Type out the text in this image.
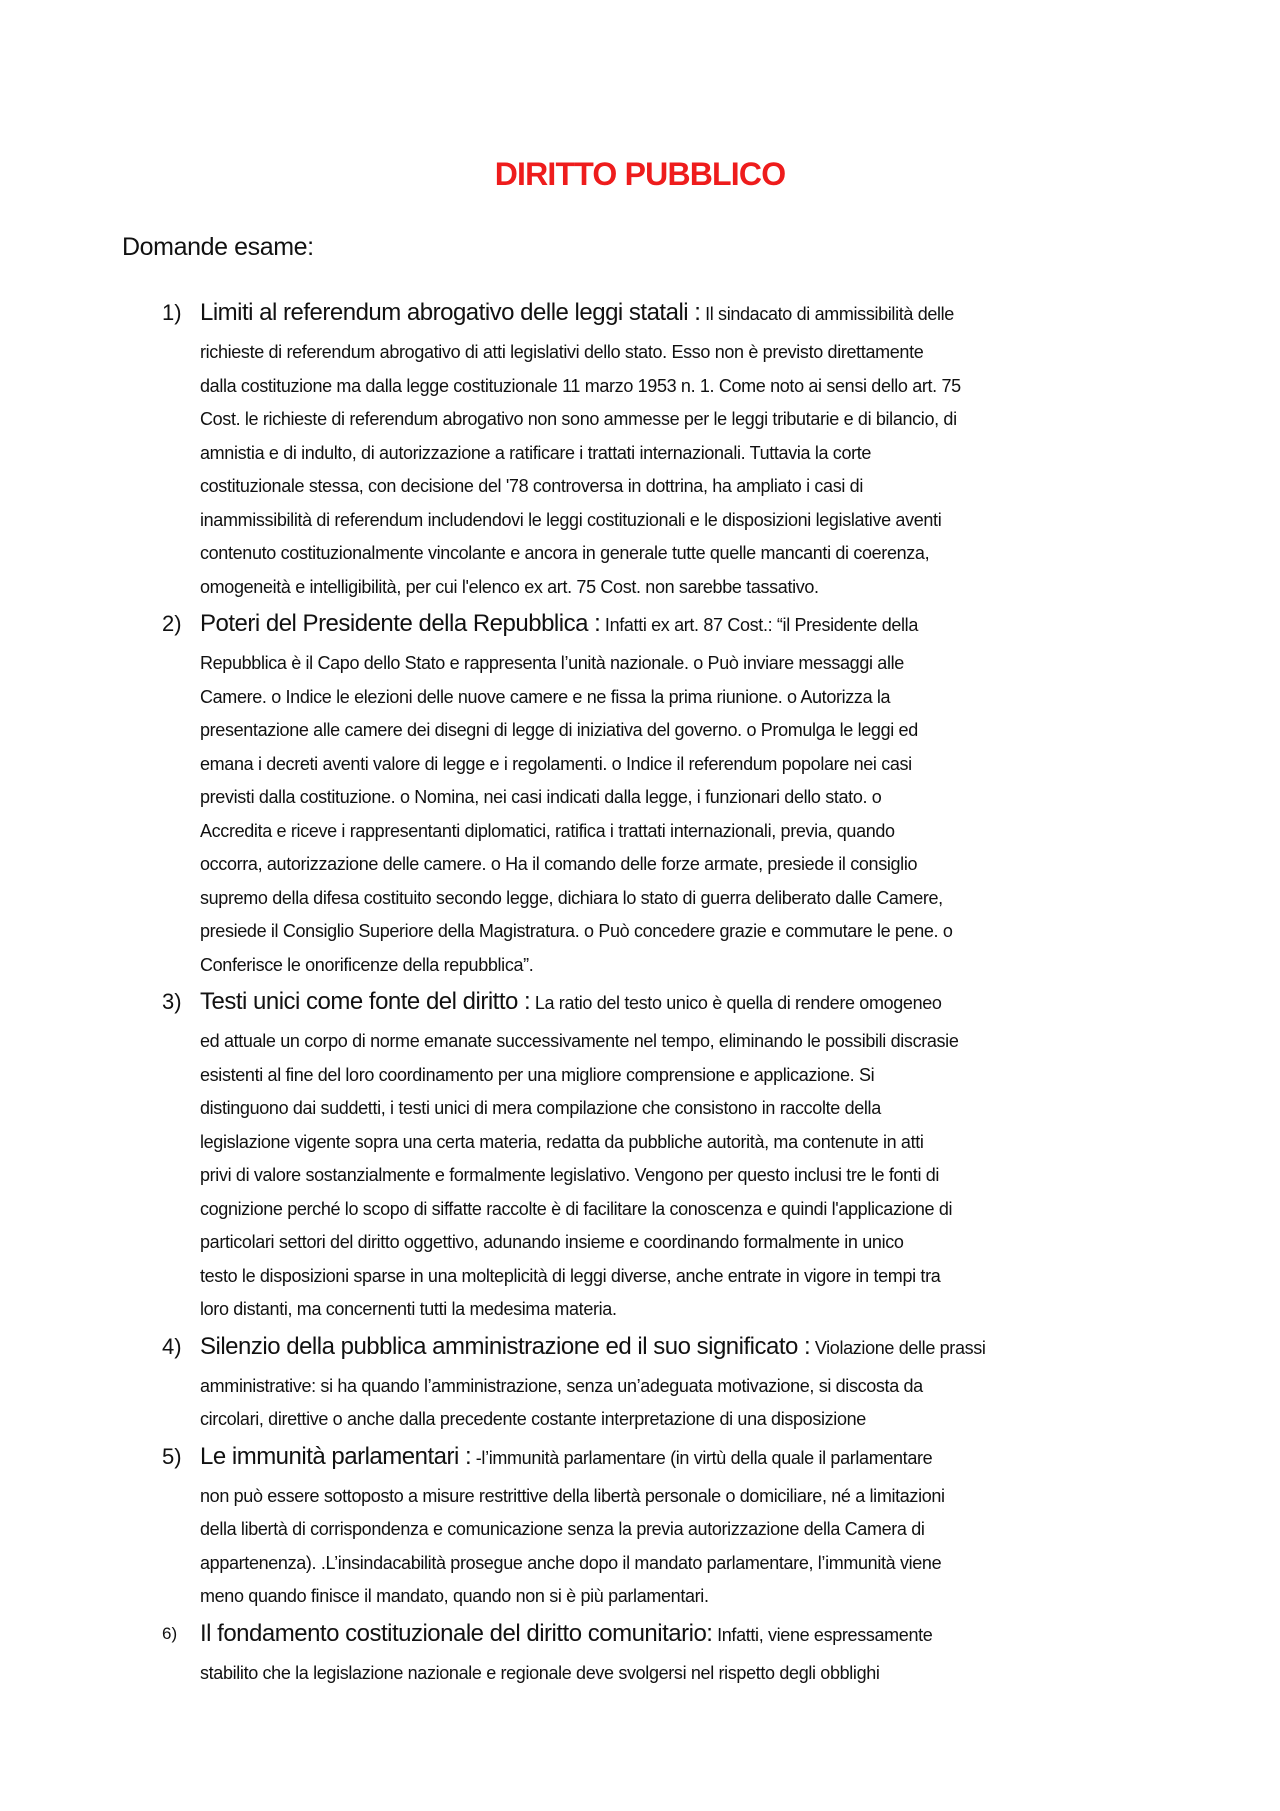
DIRITTO PUBBLICO
Domande esame:
1) Limiti al referendum abrogativo delle leggi statali : Il sindacato di ammissibilità delle
richieste di referendum abrogativo di atti legislativi dello stato. Esso non è previsto direttamente
dalla costituzione ma dalla legge costituzionale 11 marzo 1953 n. 1. Come noto ai sensi dello art. 75
Cost. le richieste di referendum abrogativo non sono ammesse per le leggi tributarie e di bilancio, di
amnistia e di indulto, di autorizzazione a ratificare i trattati internazionali. Tuttavia la corte
costituzionale stessa, con decisione del '78 controversa in dottrina, ha ampliato i casi di
inammissibilità di referendum includendovi le leggi costituzionali e le disposizioni legislative aventi
contenuto costituzionalmente vincolante e ancora in generale tutte quelle mancanti di coerenza,
omogeneità e intelligibilità, per cui l'elenco ex art. 75 Cost. non sarebbe tassativo.
2) Poteri del Presidente della Repubblica : Infatti ex art. 87 Cost.: “il Presidente della
Repubblica è il Capo dello Stato e rappresenta l’unità nazionale. o Può inviare messaggi alle
Camere. o Indice le elezioni delle nuove camere e ne fissa la prima riunione. o Autorizza la
presentazione alle camere dei disegni di legge di iniziativa del governo. o Promulga le leggi ed
emana i decreti aventi valore di legge e i regolamenti. o Indice il referendum popolare nei casi
previsti dalla costituzione. o Nomina, nei casi indicati dalla legge, i funzionari dello stato. o
Accredita e riceve i rappresentanti diplomatici, ratifica i trattati internazionali, previa, quando
occorra, autorizzazione delle camere. o Ha il comando delle forze armate, presiede il consiglio
supremo della difesa costituito secondo legge, dichiara lo stato di guerra deliberato dalle Camere,
presiede il Consiglio Superiore della Magistratura. o Può concedere grazie e commutare le pene. o
Conferisce le onorificenze della repubblica”.
3) Testi unici come fonte del diritto : La ratio del testo unico è quella di rendere omogeneo
ed attuale un corpo di norme emanate successivamente nel tempo, eliminando le possibili discrasie
esistenti al fine del loro coordinamento per una migliore comprensione e applicazione. Si
distinguono dai suddetti, i testi unici di mera compilazione che consistono in raccolte della
legislazione vigente sopra una certa materia, redatta da pubbliche autorità, ma contenute in atti
privi di valore sostanzialmente e formalmente legislativo. Vengono per questo inclusi tre le fonti di
cognizione perché lo scopo di siffatte raccolte è di facilitare la conoscenza e quindi l'applicazione di
particolari settori del diritto oggettivo, adunando insieme e coordinando formalmente in unico
testo le disposizioni sparse in una molteplicità di leggi diverse, anche entrate in vigore in tempi tra
loro distanti, ma concernenti tutti la medesima materia.
4) Silenzio della pubblica amministrazione ed il suo significato : Violazione delle prassi
amministrative: si ha quando l’amministrazione, senza un’adeguata motivazione, si discosta da
circolari, direttive o anche dalla precedente costante interpretazione di una disposizione
5) Le immunità parlamentari : -l’immunità parlamentare (in virtù della quale il parlamentare
non può essere sottoposto a misure restrittive della libertà personale o domiciliare, né a limitazioni
della libertà di corrispondenza e comunicazione senza la previa autorizzazione della Camera di
appartenenza). .L’insindacabilità prosegue anche dopo il mandato parlamentare, l’immunità viene
meno quando finisce il mandato, quando non si è più parlamentari.
6) Il fondamento costituzionale del diritto comunitario: Infatti, viene espressamente
stabilito che la legislazione nazionale e regionale deve svolgersi nel rispetto degli obblighi
